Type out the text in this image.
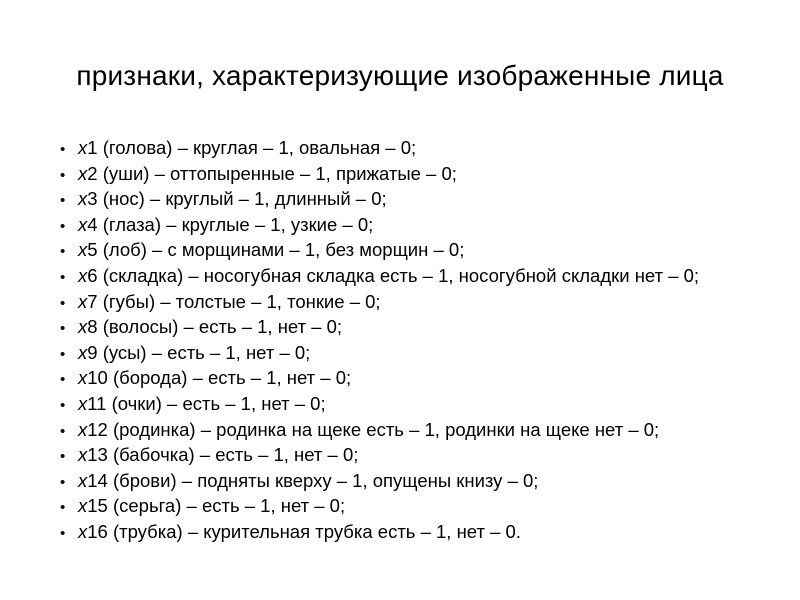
признаки, характеризующие изображенные лица
• x1 (голова) – круглая – 1, овальная – 0;
• x2 (уши) – оттопыренные – 1, прижатые – 0;
• x3 (нос) – круглый – 1, длинный – 0;
• x4 (глаза) – круглые – 1, узкие – 0;
• x5 (лоб) – с морщинами – 1, без морщин – 0;
• x6 (складка) – носогубная складка есть – 1, носогубной складки нет – 0;
• x7 (губы) – толстые – 1, тонкие – 0;
• x8 (волосы) – есть – 1, нет – 0;
• x9 (усы) – есть – 1, нет – 0;
• x10 (борода) – есть – 1, нет – 0;
• x11 (очки) – есть – 1, нет – 0;
• x12 (родинка) – родинка на щеке есть – 1, родинки на щеке нет – 0;
• x13 (бабочка) – есть – 1, нет – 0;
• x14 (брови) – подняты кверху – 1, опущены книзу – 0;
• x15 (серьга) – есть – 1, нет – 0;
• x16 (трубка) – курительная трубка есть – 1, нет – 0.
